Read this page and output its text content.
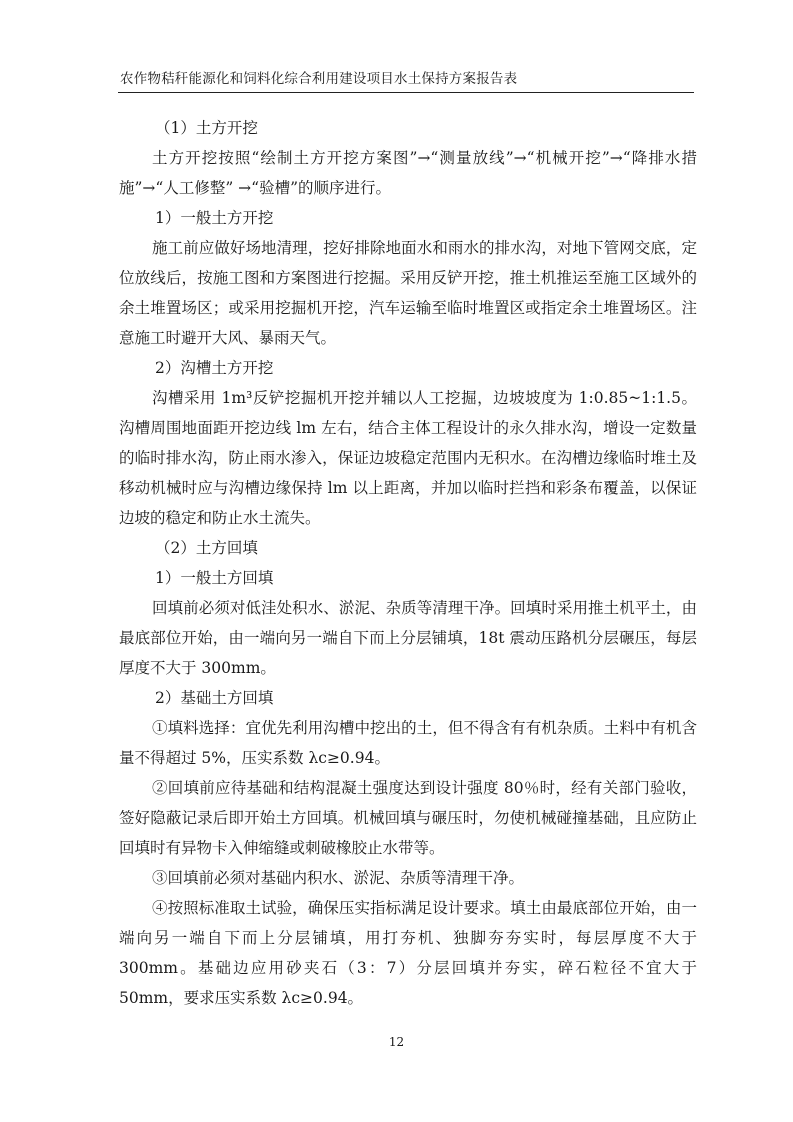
农作物秸秆能源化和饲料化综合利用建设项目水土保持方案报告表

（1）土方开挖

土方开挖按照“绘制土方开挖方案图”→“测量放线”→“机械开挖”→“降排水措施”→“人工修整” →“验槽”的顺序进行。

1）一般土方开挖

施工前应做好场地清理，挖好排除地面水和雨水的排水沟，对地下管网交底，定位放线后，按施工图和方案图进行挖掘。采用反铲开挖，推土机推运至施工区域外的余土堆置场区；或采用挖掘机开挖，汽车运输至临时堆置区或指定余土堆置场区。注意施工时避开大风、暴雨天气。

2）沟槽土方开挖

沟槽采用 1m³反铲挖掘机开挖并辅以人工挖掘，边坡坡度为 1:0.85~1:1.5。沟槽周围地面距开挖边线 lm 左右，结合主体工程设计的永久排水沟，增设一定数量的临时排水沟，防止雨水渗入，保证边坡稳定范围内无积水。在沟槽边缘临时堆土及移动机械时应与沟槽边缘保持 lm 以上距离，并加以临时拦挡和彩条布覆盖，以保证边坡的稳定和防止水土流失。

（2）土方回填

1）一般土方回填

回填前必须对低洼处积水、淤泥、杂质等清理干净。回填时采用推土机平土，由最底部位开始，由一端向另一端自下而上分层铺填，18t 震动压路机分层碾压，每层厚度不大于 300mm。

2）基础土方回填

①填料选择：宜优先利用沟槽中挖出的土，但不得含有有机杂质。土料中有机含量不得超过 5%，压实系数 λc≥0.94。

②回填前应待基础和结构混凝土强度达到设计强度 80％时，经有关部门验收，签好隐蔽记录后即开始土方回填。机械回填与碾压时，勿使机械碰撞基础，且应防止回填时有异物卡入伸缩缝或刺破橡胶止水带等。

③回填前必须对基础内积水、淤泥、杂质等清理干净。

④按照标准取土试验，确保压实指标满足设计要求。填土由最底部位开始，由一端向另一端自下而上分层铺填，用打夯机、独脚夯夯实时，每层厚度不大于300mm。基础边应用砂夹石（3：7）分层回填并夯实，碎石粒径不宜大于 50mm，要求压实系数 λc≥0.94。

12
